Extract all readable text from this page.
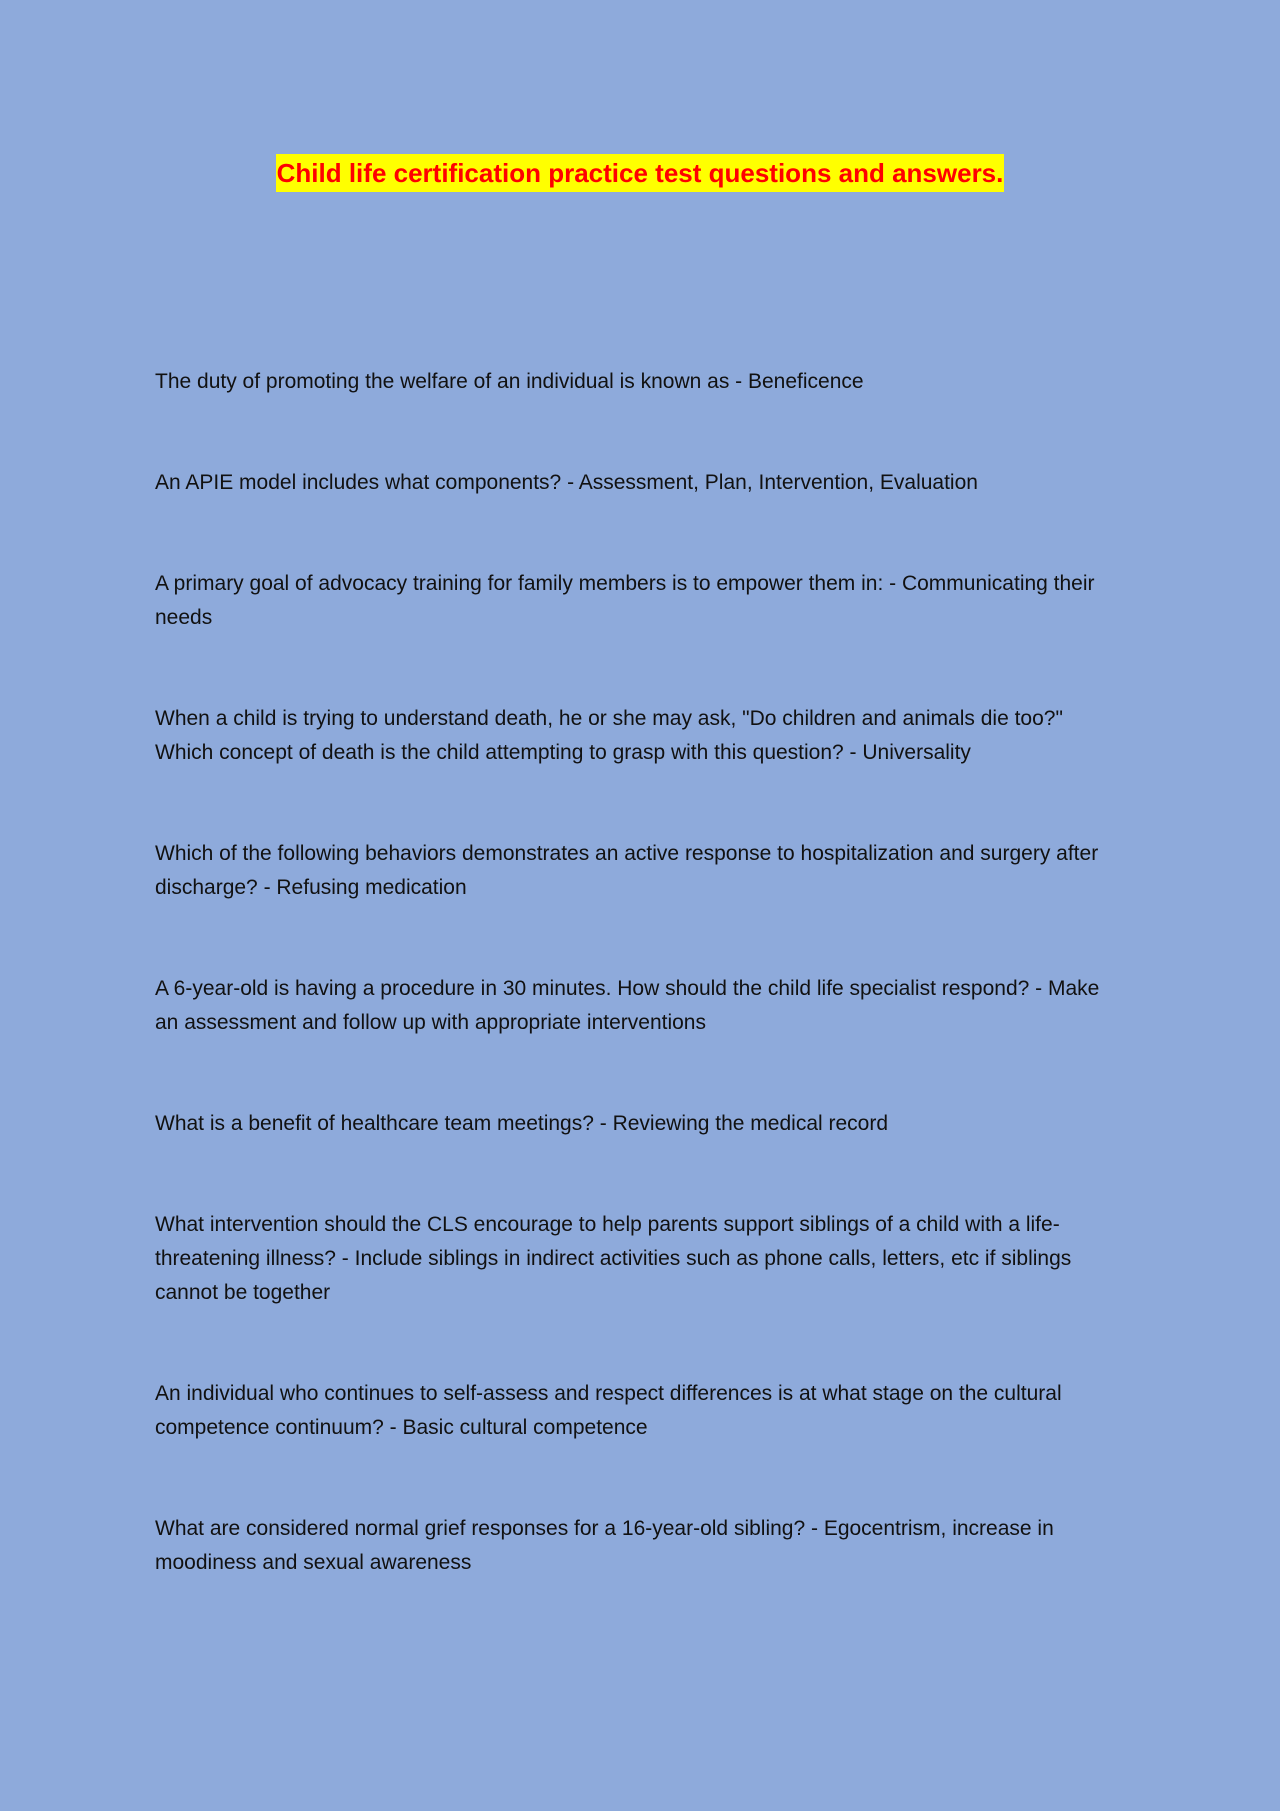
Child life certification practice test questions and answers.

The duty of promoting the welfare of an individual is known as - Beneficence

An APIE model includes what components? - Assessment, Plan, Intervention, Evaluation

A primary goal of advocacy training for family members is to empower them in: - Communicating their needs

When a child is trying to understand death, he or she may ask, "Do children and animals die too?" Which concept of death is the child attempting to grasp with this question? - Universality

Which of the following behaviors demonstrates an active response to hospitalization and surgery after discharge? - Refusing medication

A 6-year-old is having a procedure in 30 minutes. How should the child life specialist respond? - Make an assessment and follow up with appropriate interventions

What is a benefit of healthcare team meetings? - Reviewing the medical record

What intervention should the CLS encourage to help parents support siblings of a child with a life-threatening illness? - Include siblings in indirect activities such as phone calls, letters, etc if siblings cannot be together

An individual who continues to self-assess and respect differences is at what stage on the cultural competence continuum? - Basic cultural competence

What are considered normal grief responses for a 16-year-old sibling? - Egocentrism, increase in moodiness and sexual awareness
